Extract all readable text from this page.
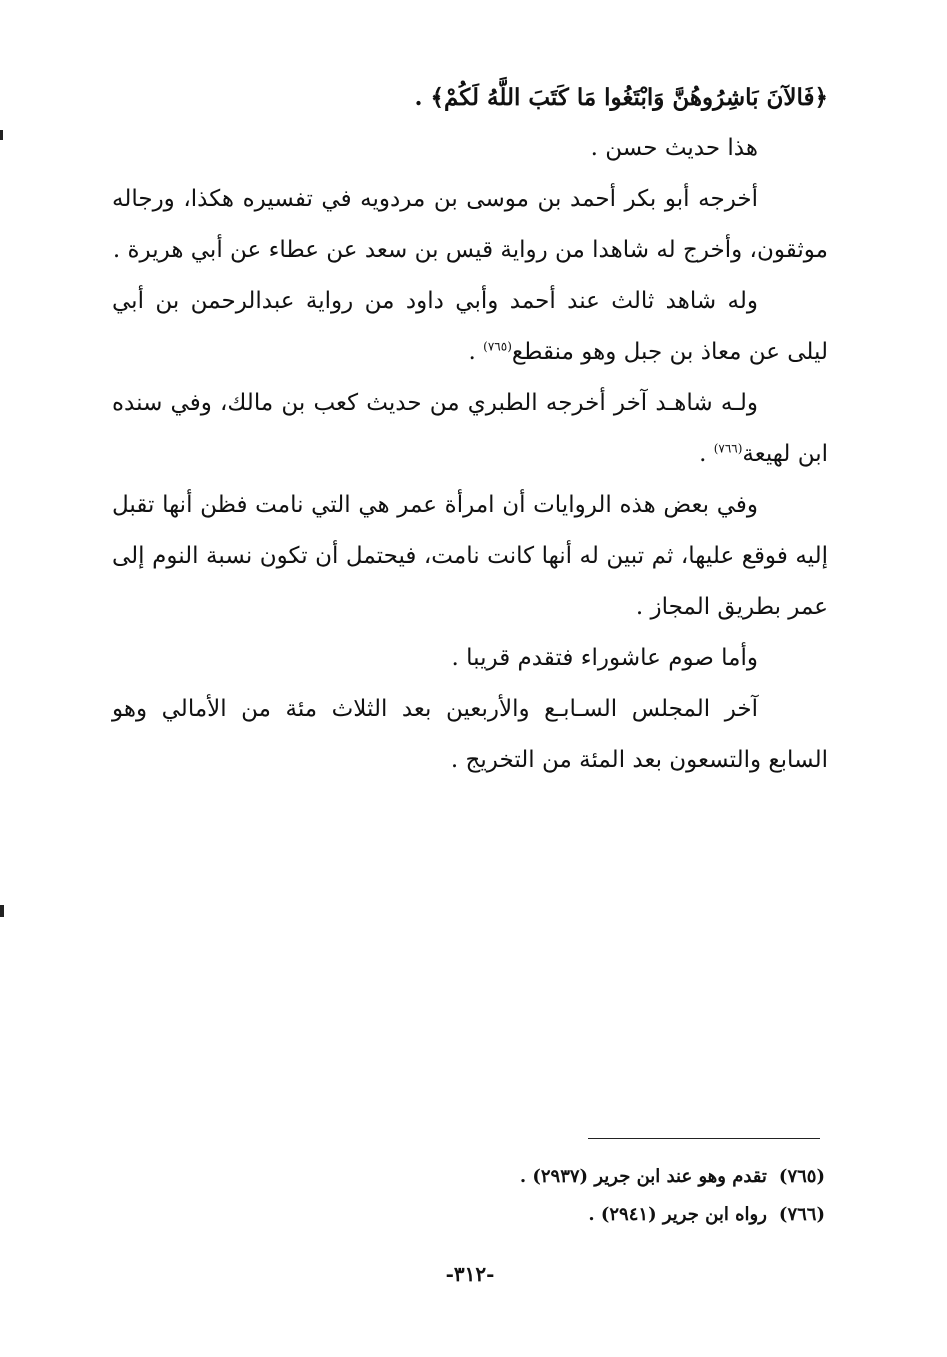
﴿فَالآنَ بَاشِرُوهُنَّ وَابْتَغُوا مَا كَتَبَ اللَّهُ لَكُمْ﴾ .

هذا حديث حسن .

أخرجه أبو بكر أحمد بن موسى بن مردويه في تفسيره هكذا، ورجاله موثقون، وأخرج له شاهدا من رواية قيس بن سعد عن عطاء عن أبي هريرة .

وله شاهد ثالث عند أحمد وأبي داود من رواية عبدالرحمن بن أبي ليلى عن معاذ بن جبل وهو منقطع$^{(٧٦٥)}$ .

ولـه شاهـد آخر أخرجه الطبري من حديث كعب بن مالك، وفي سنده ابن لهيعة$^{(٧٦٦)}$ .

وفي بعض هذه الروايات أن امرأة عمر هي التي نامت فظن أنها تقبل إليه فوقع عليها، ثم تبين له أنها كانت نامت، فيحتمل أن تكون نسبة النوم إلى عمر بطريق المجاز .

وأما صوم عاشوراء فتقدم قريبا .

آخر المجلس السـابـع والأربعين بعد الثلاث مئة من الأمالي وهو السابع والتسعون بعد المئة من التخريج .

(٧٦٥)تقدم وهو عند ابن جرير (٢٩٣٧) .

(٧٦٦)رواه ابن جرير (٢٩٤١) .

-٣١٢-
